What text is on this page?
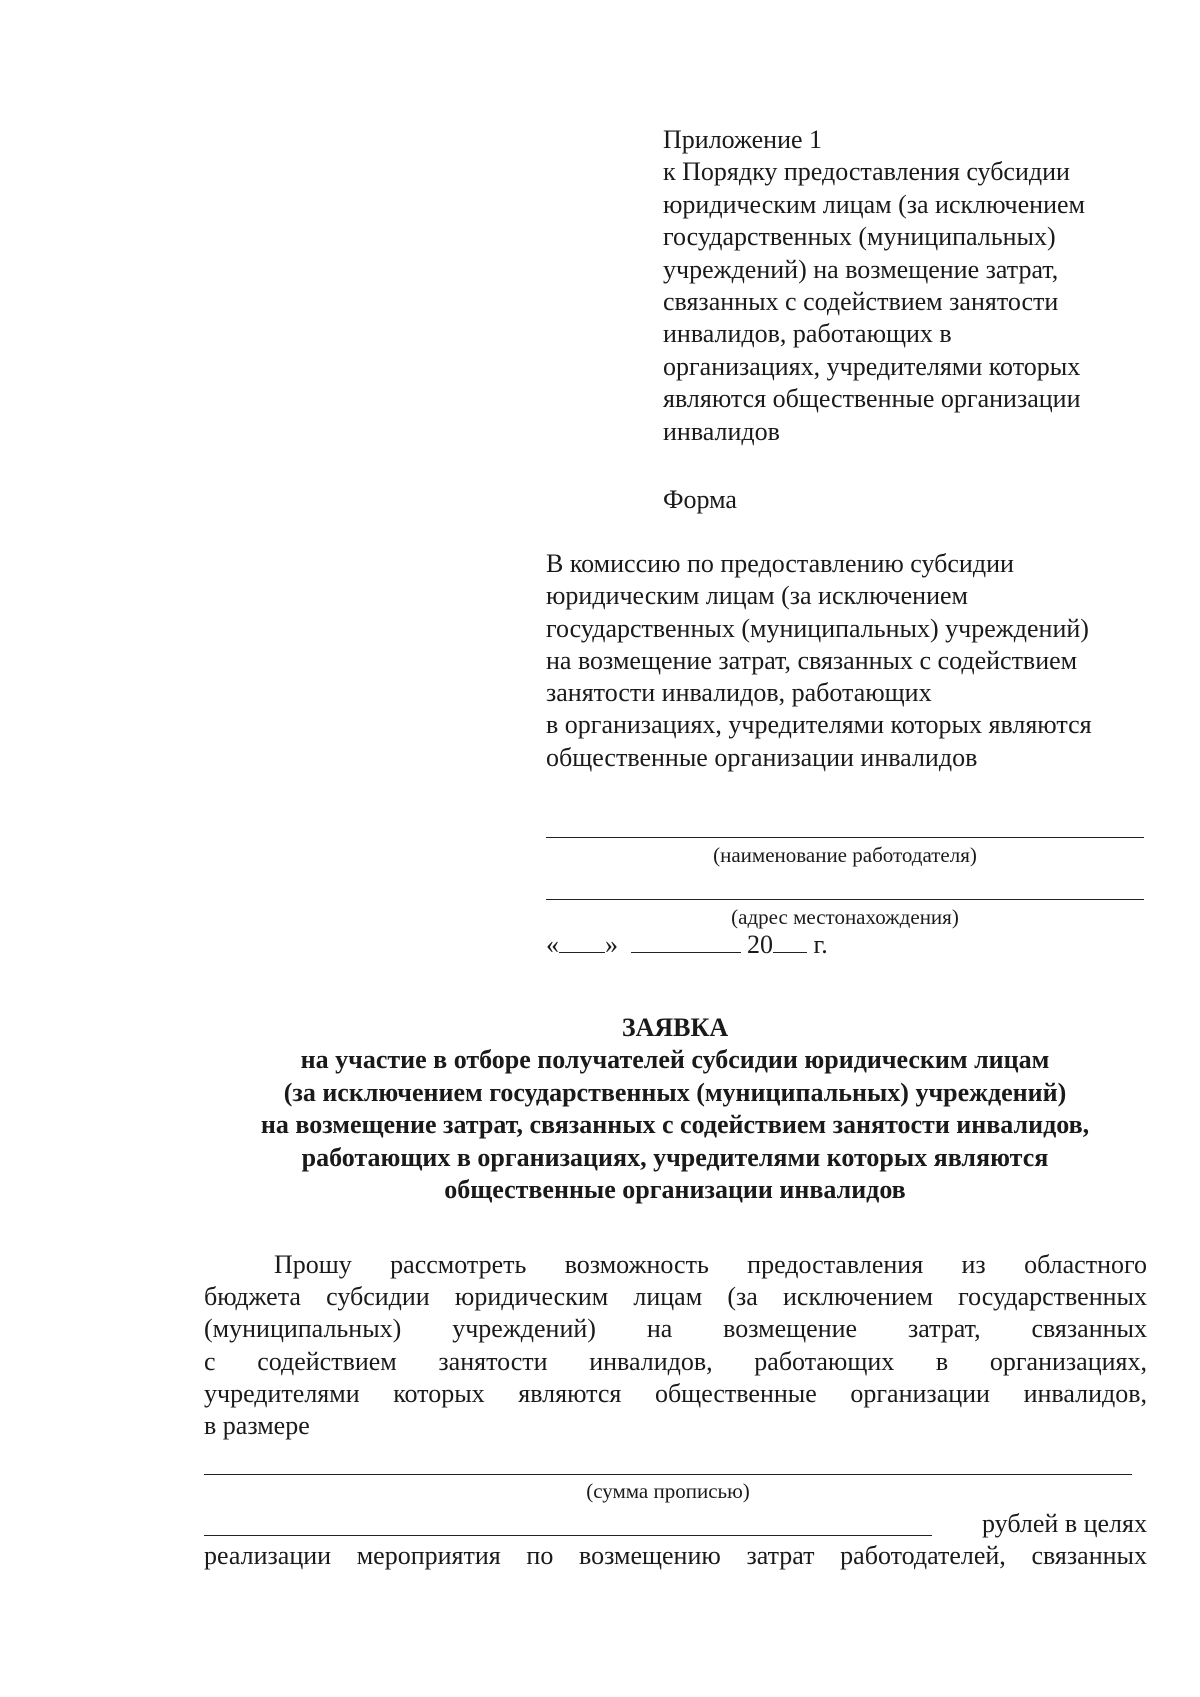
Приложение 1
к Порядку предоставления субсидии
юридическим лицам (за исключением
государственных (муниципальных)
учреждений) на возмещение затрат,
связанных с содействием занятости
инвалидов, работающих в
организациях, учредителями которых
являются общественные организации
инвалидов
Форма
В комиссию по предоставлению субсидии
юридическим лицам (за исключением
государственных (муниципальных) учреждений)
на возмещение затрат, связанных с содействием
занятости инвалидов, работающих
в организациях, учредителями которых являются
общественные организации инвалидов
(наименование работодателя)
(адрес местонахождения)
« »	20 г.
ЗАЯВКА
на участие в отборе получателей субсидии юридическим лицам
(за исключением государственных (муниципальных) учреждений)
на возмещение затрат, связанных с содействием занятости инвалидов,
работающих в организациях, учредителями которых являются
общественные организации инвалидов
Прошу рассмотреть возможность предоставления из областного
бюджета субсидии юридическим лицам (за исключением государственных
(муниципальных) учреждений) на возмещение затрат, связанных
с содействием занятости инвалидов, работающих в организациях,
учредителями которых являются общественные организации инвалидов,
в размере
(сумма прописью)
рублей в целях
реализации мероприятия по возмещению затрат работодателей, связанных
